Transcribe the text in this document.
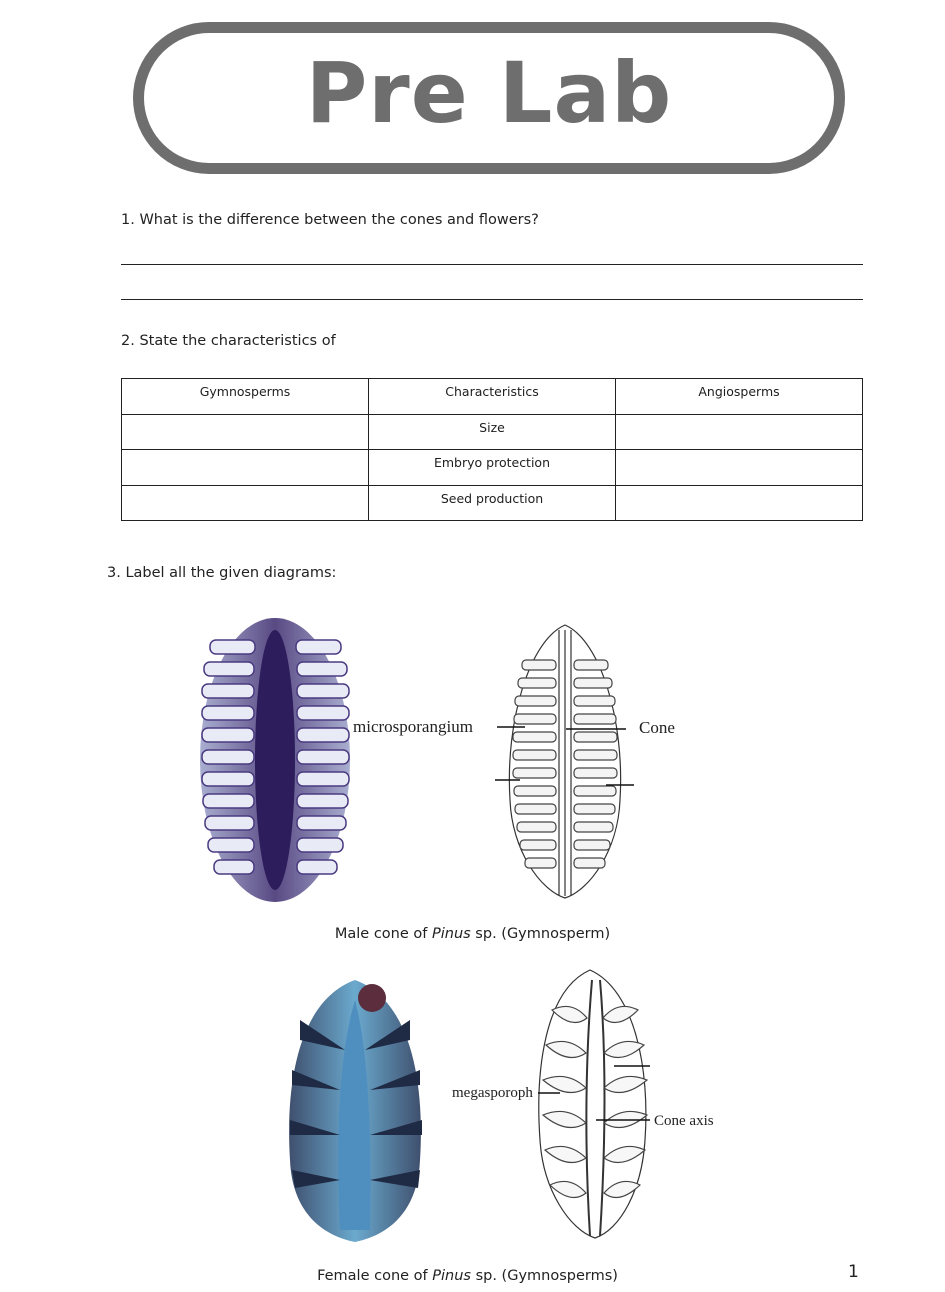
Pre Lab
1. What is the difference between the cones and flowers?
2. State the characteristics of
Gymnosperms	Characteristics	Angiosperms
	Size	
	Embryo protection	
	Seed production	
3. Label all the given diagrams:
microsporangium	Cone
Male cone of Pinus sp. (Gymnosperm)
megasporoph
Cone axis
Female cone of Pinus sp. (Gymnosperms)	1
